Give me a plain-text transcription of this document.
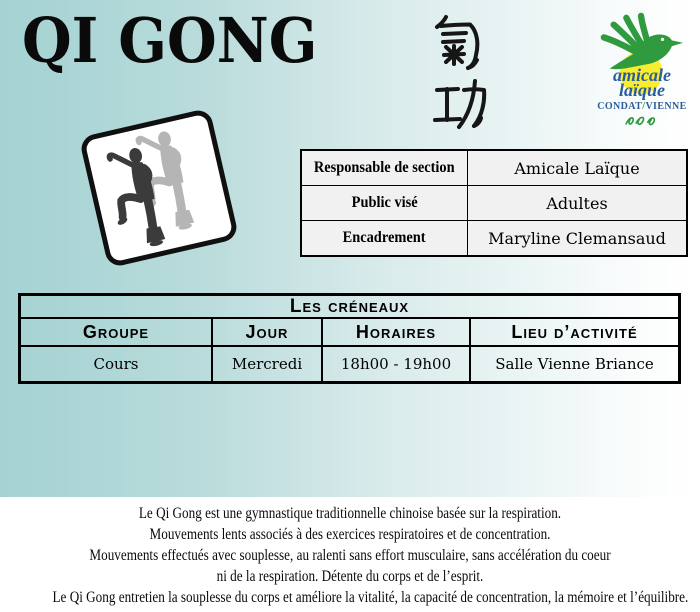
QI GONG	amicale
laïque
CONDAT/VIENNE
Responsable de section	Amicale Laïque
Public visé	Adultes
Encadrement	Maryline Clemansaud
Les créneaux
Groupe	Jour	Horaires	Lieu d’activité
Cours	Mercredi	18h00 - 19h00	Salle Vienne Briance
Le Qi Gong est une gymnastique traditionnelle chinoise basée sur la respiration.
Mouvements lents associés à des exercices respiratoires et de concentration.
Mouvements effectués avec souplesse, au ralenti sans effort musculaire, sans accélération du coeur
ni de la respiration. Détente du corps et de l’esprit.
Le Qi Gong entretien la souplesse du corps et améliore la vitalité, la capacité de concentration, la mémoire et l’équilibre.
